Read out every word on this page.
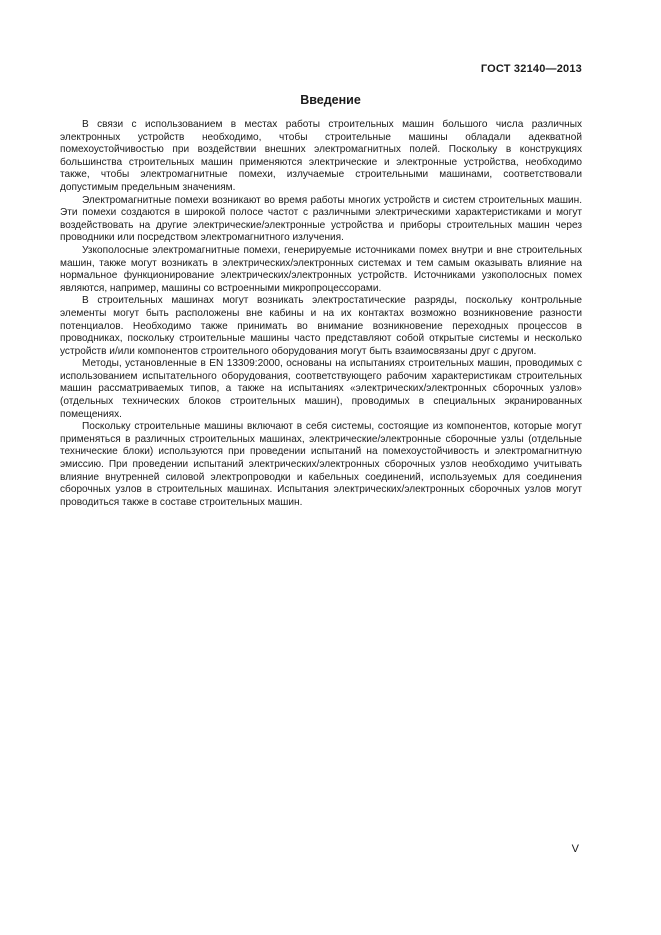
ГОСТ 32140—2013
Введение

В связи с использованием в местах работы строительных машин большого числа различных электронных устройств необходимо, чтобы строительные машины обладали адекватной помехоустойчивостью при воздействии внешних электромагнитных полей. Поскольку в конструкциях большинства строительных машин применяются электрические и электронные устройства, необходимо также, чтобы электромагнитные помехи, излучаемые строительными машинами, соответствовали допустимым предельным значениям.

Электромагнитные помехи возникают во время работы многих устройств и систем строительных машин. Эти помехи создаются в широкой полосе частот с различными электрическими характеристиками и могут воздействовать на другие электрические/электронные устройства и приборы строительных машин через проводники или посредством электромагнитного излучения.

Узкополосные электромагнитные помехи, генерируемые источниками помех внутри и вне строительных машин, также могут возникать в электрических/электронных системах и тем самым оказывать влияние на нормальное функционирование электрических/электронных устройств. Источниками узкополосных помех являются, например, машины со встроенными микропроцессорами.

В строительных машинах могут возникать электростатические разряды, поскольку контрольные элементы могут быть расположены вне кабины и на их контактах возможно возникновение разности потенциалов. Необходимо также принимать во внимание возникновение переходных процессов в проводниках, поскольку строительные машины часто представляют собой открытые системы и несколько устройств и/или компонентов строительного оборудования могут быть взаимосвязаны друг с другом.

Методы, установленные в EN 13309:2000, основаны на испытаниях строительных машин, проводимых с использованием испытательного оборудования, соответствующего рабочим характеристикам строительных машин рассматриваемых типов, а также на испытаниях «электрических/электронных сборочных узлов» (отдельных технических блоков строительных машин), проводимых в специальных экранированных помещениях.

Поскольку строительные машины включают в себя системы, состоящие из компонентов, которые могут применяться в различных строительных машинах, электрические/электронные сборочные узлы (отдельные технические блоки) используются при проведении испытаний на помехоустойчивость и электромагнитную эмиссию. При проведении испытаний электрических/электронных сборочных узлов необходимо учитывать влияние внутренней силовой электропроводки и кабельных соединений, используемых для соединения сборочных узлов в строительных машинах. Испытания электрических/электронных сборочных узлов могут проводиться также в составе строительных машин.

V
